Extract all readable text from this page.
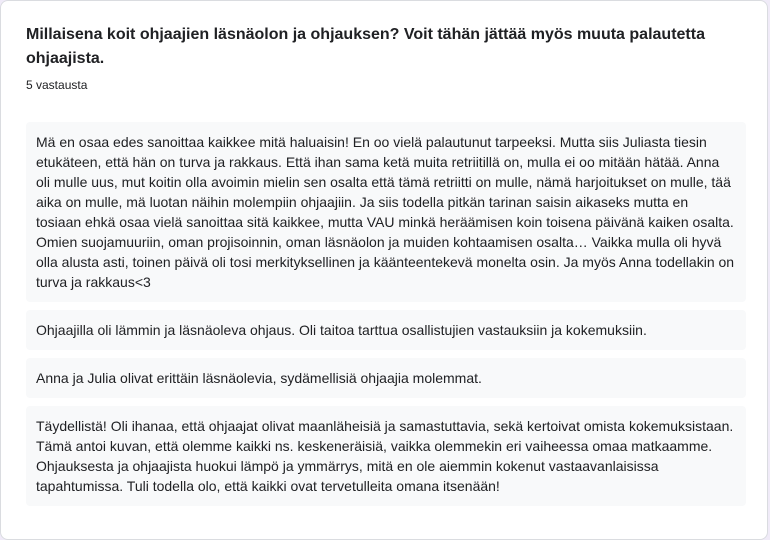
Millaisena koit ohjaajien läsnäolon ja ohjauksen? Voit tähän jättää myös muuta palautetta ohjaajista.
5 vastausta
Mä en osaa edes sanoittaa kaikkee mitä haluaisin! En oo vielä palautunut tarpeeksi. Mutta siis Juliasta tiesin etukäteen, että hän on turva ja rakkaus. Että ihan sama ketä muita retriitillä on, mulla ei oo mitään hätää. Anna oli mulle uus, mut koitin olla avoimin mielin sen osalta että tämä retriitti on mulle, nämä harjoitukset on mulle, tää aika on mulle, mä luotan näihin molempiin ohjaajiin. Ja siis todella pitkän tarinan saisin aikaseks mutta en tosiaan ehkä osaa vielä sanoittaa sitä kaikkee, mutta VAU minkä heräämisen koin toisena päivänä kaiken osalta. Omien suojamuuriin, oman projisoinnin, oman läsnäolon ja muiden kohtaamisen osalta… Vaikka mulla oli hyvä olla alusta asti, toinen päivä oli tosi merkityksellinen ja käänteentekevä monelta osin. Ja myös Anna todellakin on turva ja rakkaus<3
Ohjaajilla oli lämmin ja läsnäoleva ohjaus. Oli taitoa tarttua osallistujien vastauksiin ja kokemuksiin.
Anna ja Julia olivat erittäin läsnäolevia, sydämellisiä ohjaajia molemmat.
Täydellistä! Oli ihanaa, että ohjaajat olivat maanläheisiä ja samastuttavia, sekä kertoivat omista kokemuksistaan. Tämä antoi kuvan, että olemme kaikki ns. keskeneräisiä, vaikka olemmekin eri vaiheessa omaa matkaamme. Ohjauksesta ja ohjaajista huokui lämpö ja ymmärrys, mitä en ole aiemmin kokenut vastaavanlaisissa tapahtumissa. Tuli todella olo, että kaikki ovat tervetulleita omana itsenään!
